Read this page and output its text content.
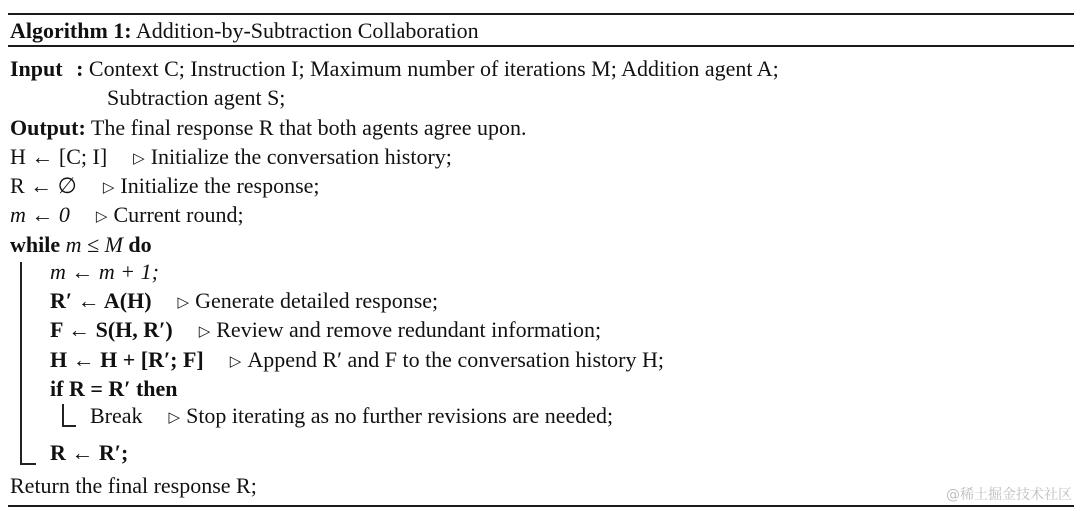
Algorithm 1: Addition-by-Subtraction Collaboration
Input : Context C; Instruction I; Maximum number of iterations M; Addition agent A;
Subtraction agent S;
Output: The final response R that both agents agree upon.
H ← [C; I] ▷ Initialize the conversation history;
R ← ∅ ▷ Initialize the response;
m ← 0 ▷ Current round;
while m ≤ M do
m ← m + 1;
R′ ← A(H) ▷ Generate detailed response;
F ← S(H, R′) ▷ Review and remove redundant information;
H ← H + [R′; F] ▷ Append R′ and F to the conversation history H;
if R = R′ then
Break ▷ Stop iterating as no further revisions are needed;
R ← R′;
Return the final response R;	@稀土掘金技术社区
